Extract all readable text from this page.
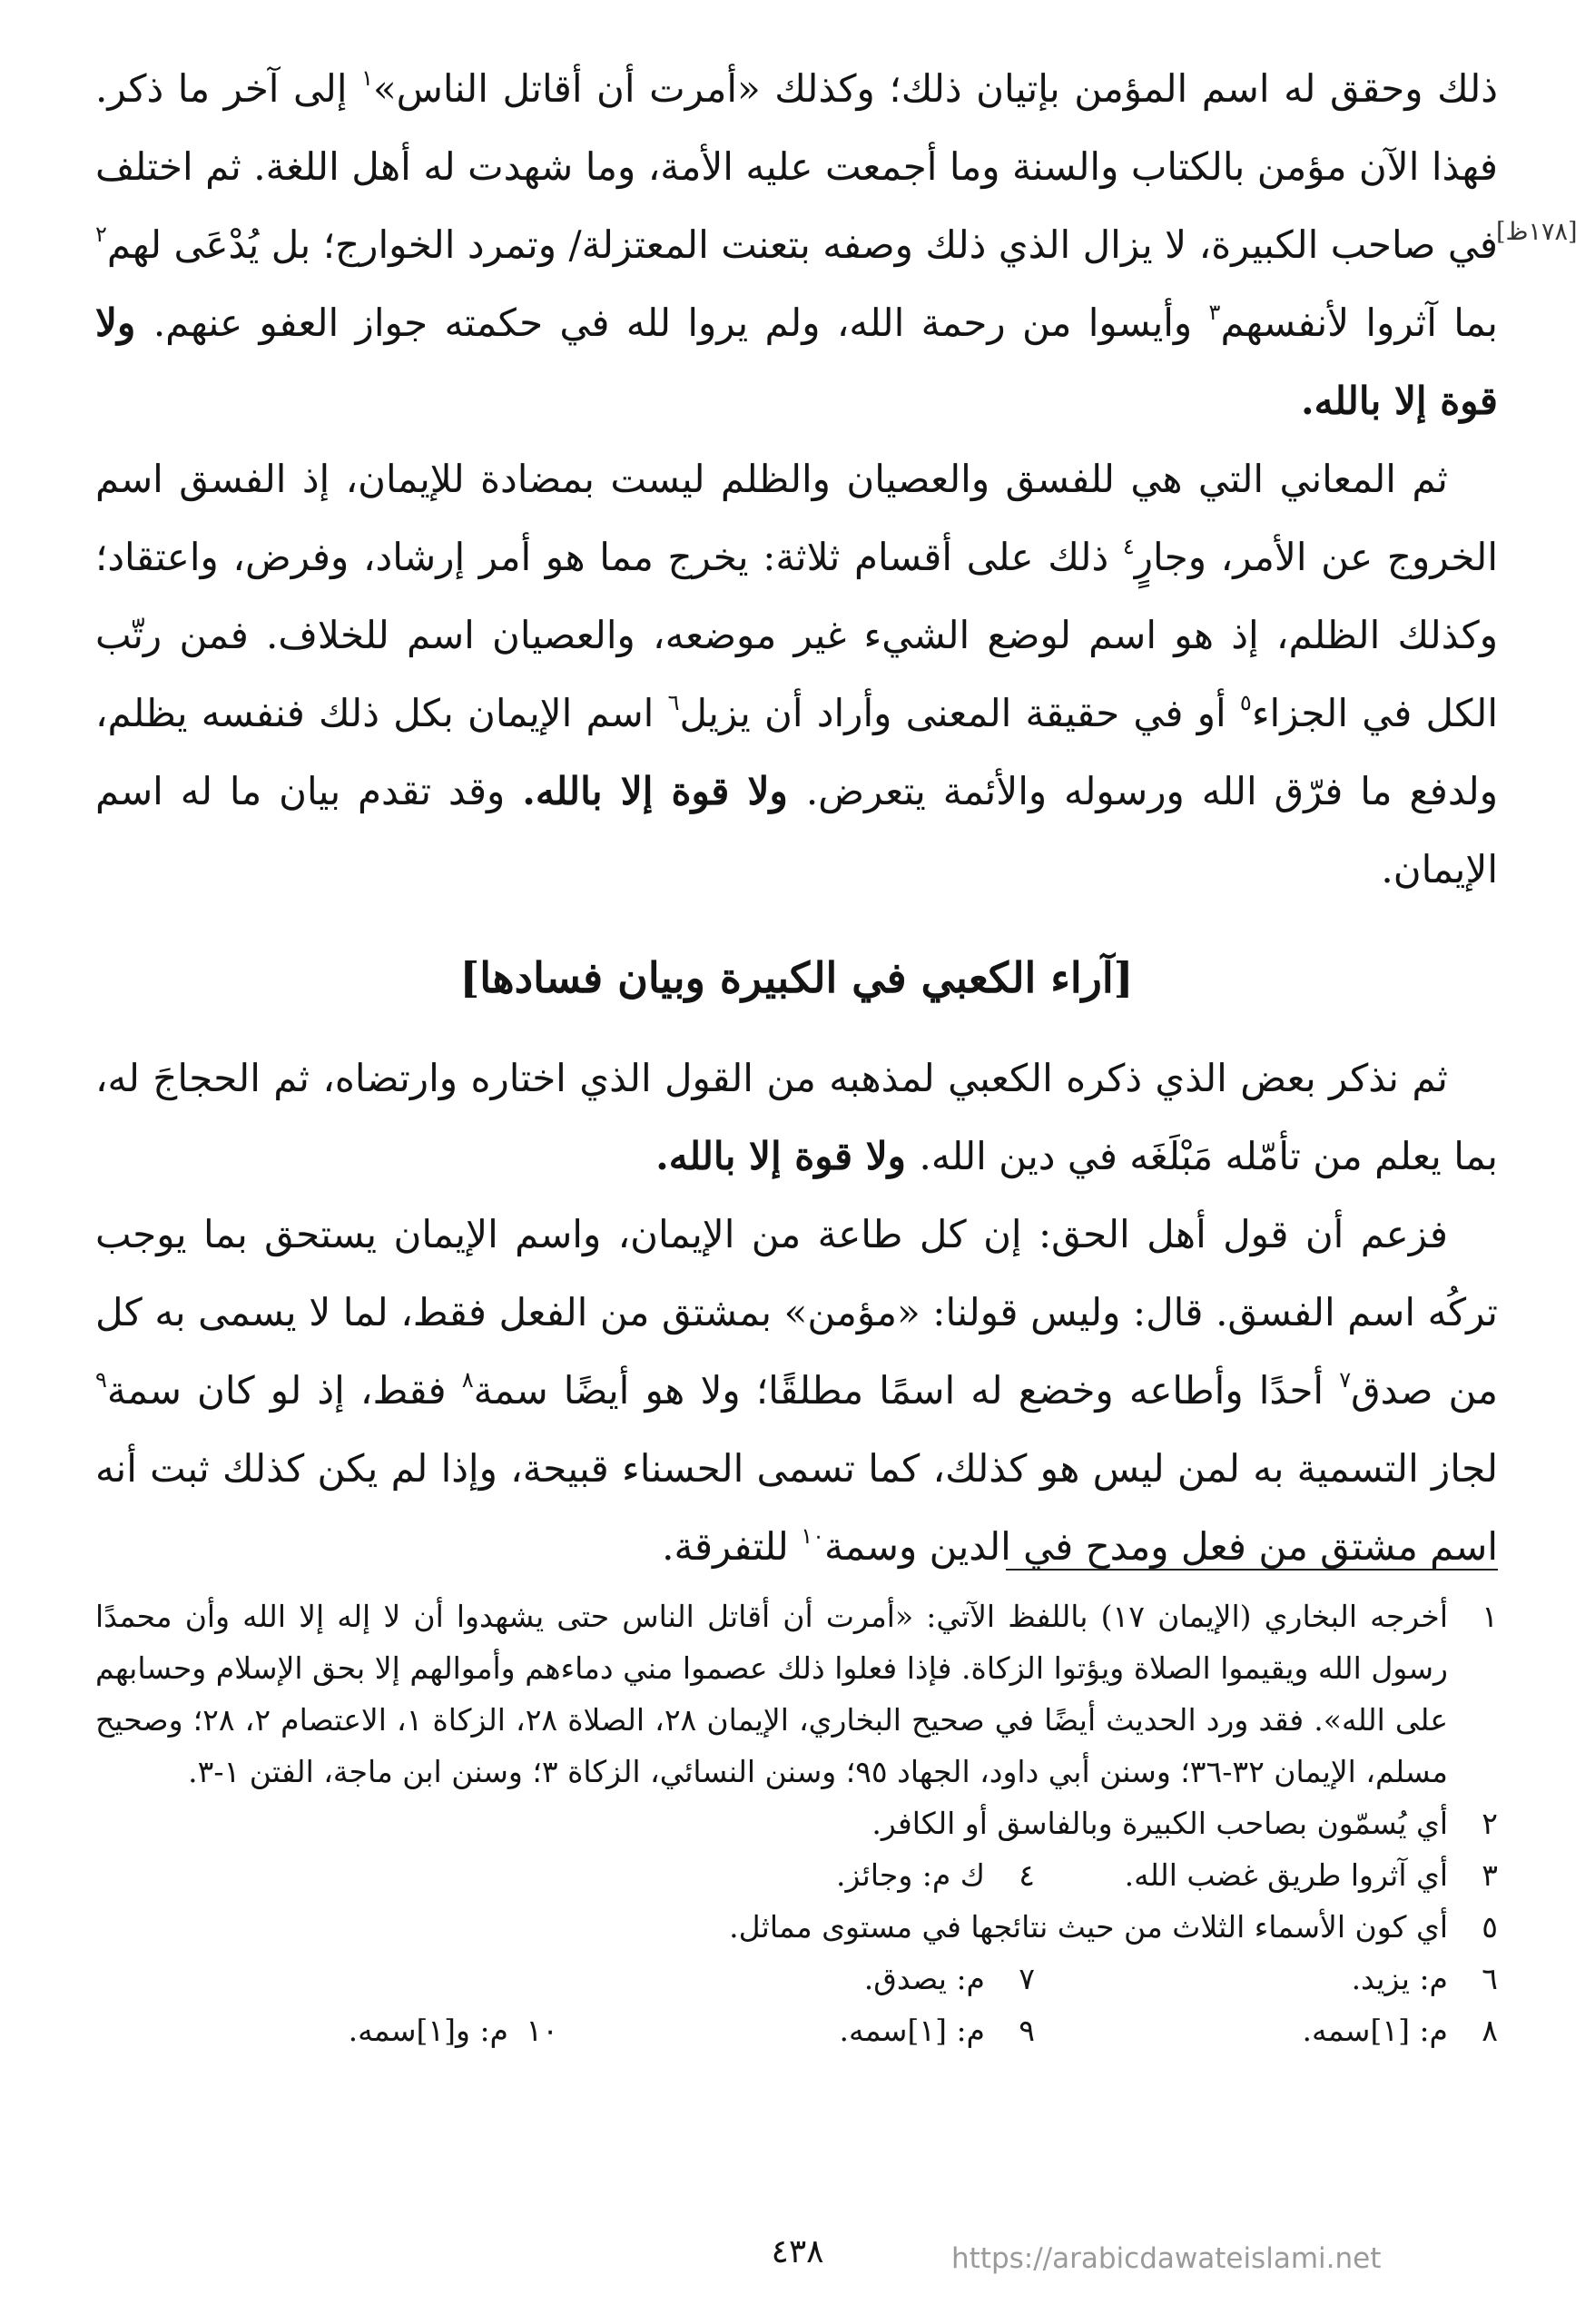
[١٧٨ظ]

ذلك وحقق له اسم المؤمن بإتيان ذلك؛ وكذلك «أمرت أن أقاتل الناس»$^١$ إلى آخر ما ذكر. فهذا الآن مؤمن بالكتاب والسنة وما أجمعت عليه الأمة، وما شهدت له أهل اللغة. ثم اختلف في صاحب الكبيرة، لا يزال الذي ذلك وصفه بتعنت المعتزلة/ وتمرد الخوارج؛ بل يُدْعَى لهم$^٢$ بما آثروا لأنفسهم$^٣$ وأيسوا من رحمة الله، ولم يروا لله في حكمته جواز العفو عنهم. ولا قوة إلا بالله.

ثم المعاني التي هي للفسق والعصيان والظلم ليست بمضادة للإيمان، إذ الفسق اسم الخروج عن الأمر، وجارٍ$^٤$ ذلك على أقسام ثلاثة: يخرج مما هو أمر إرشاد، وفرض، واعتقاد؛ وكذلك الظلم، إذ هو اسم لوضع الشيء غير موضعه، والعصيان اسم للخلاف. فمن رتّب الكل في الجزاء$^٥$ أو في حقيقة المعنى وأراد أن يزيل$^٦$ اسم الإيمان بكل ذلك فنفسه يظلم، ولدفع ما فرّق الله ورسوله والأئمة يتعرض. ولا قوة إلا بالله. وقد تقدم بيان ما له اسم الإيمان.

[آراء الكعبي في الكبيرة وبيان فسادها]

ثم نذكر بعض الذي ذكره الكعبي لمذهبه من القول الذي اختاره وارتضاه، ثم الحجاجَ له، بما يعلم من تأمّله مَبْلَغَه في دين الله. ولا قوة إلا بالله.

فزعم أن قول أهل الحق: إن كل طاعة من الإيمان، واسم الإيمان يستحق بما يوجب تركُه اسم الفسق. قال: وليس قولنا: «مؤمن» بمشتق من الفعل فقط، لما لا يسمى به كل من صدق$^٧$ أحدًا وأطاعه وخضع له اسمًا مطلقًا؛ ولا هو أيضًا سمة$^٨$ فقط، إذ لو كان سمة$^٩$ لجاز التسمية به لمن ليس هو كذلك، كما تسمى الحسناء قبيحة، وإذا لم يكن كذلك ثبت أنه اسم مشتق من فعل ومدح في الدين وسمة$^{١٠}$ للتفرقة.

١
أخرجه البخاري (الإيمان ١٧) باللفظ الآتي: «أمرت أن أقاتل الناس حتى يشهدوا أن لا إله إلا الله وأن محمدًا رسول الله ويقيموا الصلاة ويؤتوا الزكاة. فإذا فعلوا ذلك عصموا مني دماءهم وأموالهم إلا بحق الإسلام وحسابهم على الله». فقد ورد الحديث أيضًا في صحيح البخاري، الإيمان ٢٨، الصلاة ٢٨، الزكاة ١، الاعتصام ٢، ٢٨؛ وصحيح مسلم، الإيمان ٣٢-٣٦؛ وسنن أبي داود، الجهاد ٩٥؛ وسنن النسائي، الزكاة ٣؛ وسنن ابن ماجة، الفتن ١-٣.
٢
أي يُسمّون بصاحب الكبيرة وبالفاسق أو الكافر.
٣
أي آثروا طريق غضب الله.
٤
ك م: وجائز.
٥
أي كون الأسماء الثلاث من حيث نتائجها في مستوى مماثل.
٦
م: يزيد.
٧
م: يصدق.
٨
م: [١]سمه.
٩
م: [١]سمه.
١٠
م: و[١]سمه.
٤٣٨	https://arabicdawateislami.net
